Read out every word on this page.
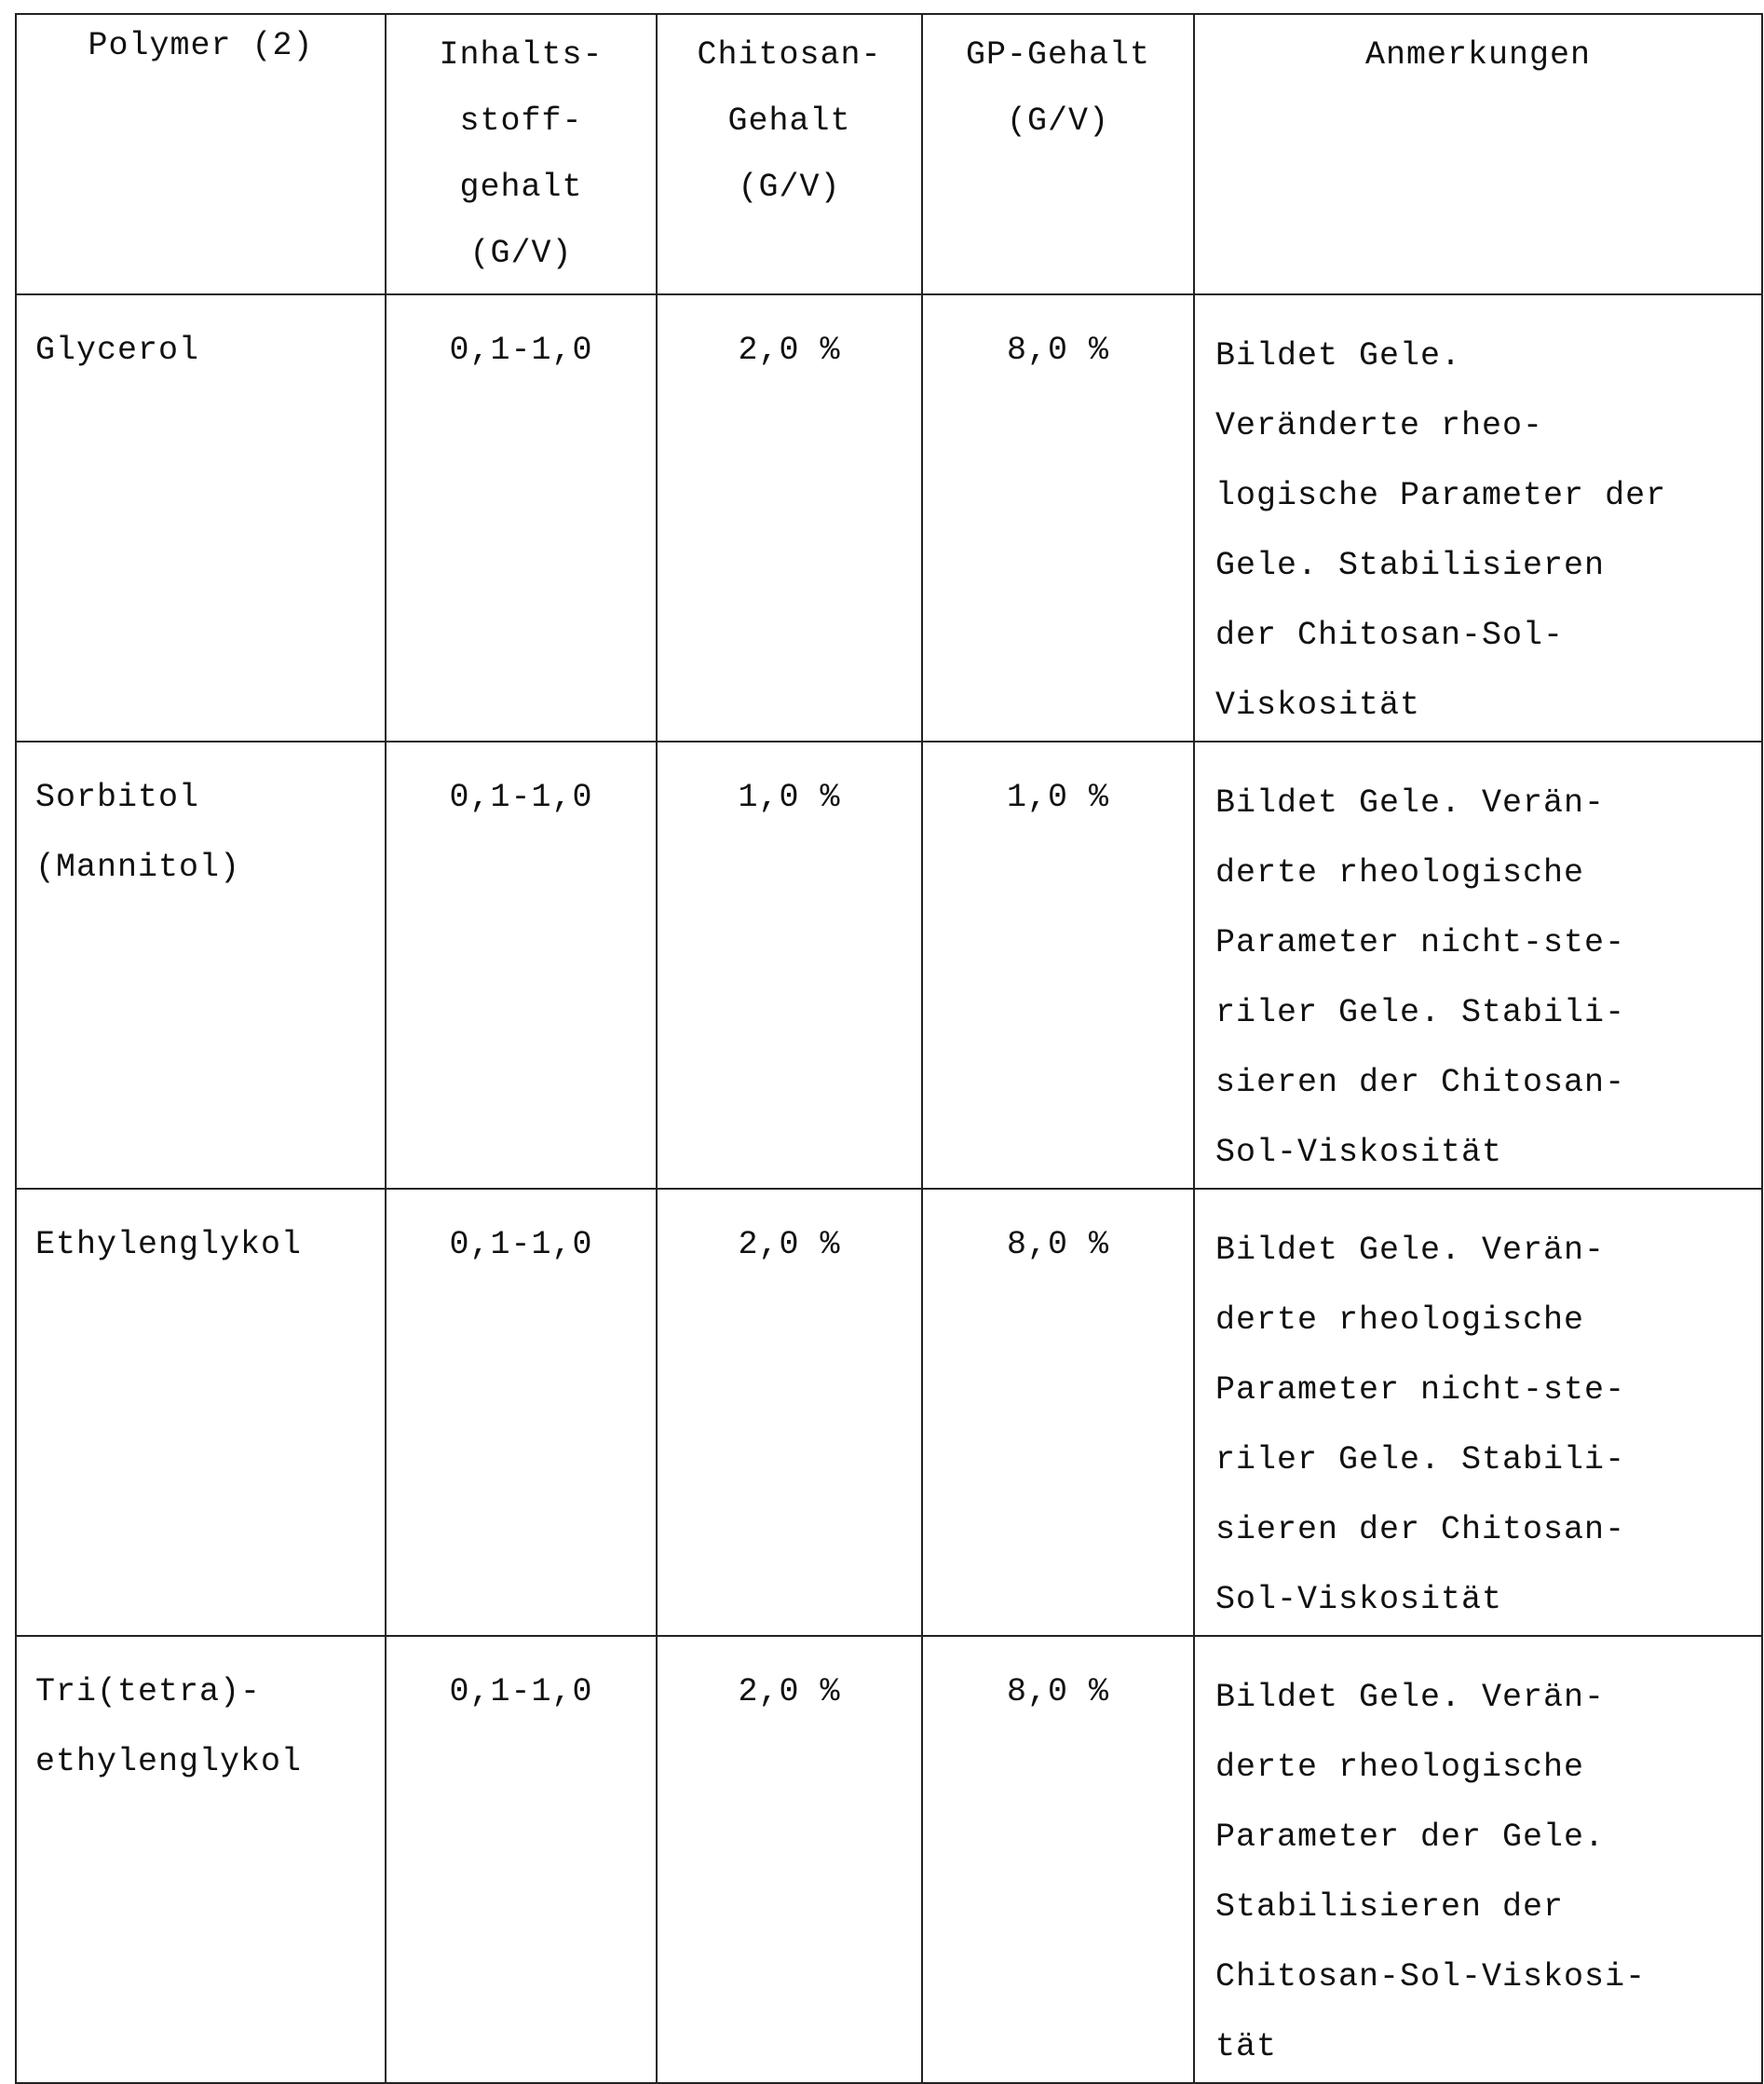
Polymer (2)	Inhalts-
stoff-
gehalt
(G/V)	Chitosan-
Gehalt
(G/V)	GP-Gehalt
(G/V)	Anmerkungen
Glycerol	0,1-1,0	2,0 %	8,0 %	Bildet Gele.
Veränderte rheo-
logische Parameter der
Gele. Stabilisieren
der Chitosan-Sol-
Viskosität
Sorbitol
(Mannitol)	0,1-1,0	1,0 %	1,0 %	Bildet Gele. Verän-
derte rheologische
Parameter nicht-ste-
riler Gele. Stabili-
sieren der Chitosan-
Sol-Viskosität
Ethylenglykol	0,1-1,0	2,0 %	8,0 %	Bildet Gele. Verän-
derte rheologische
Parameter nicht-ste-
riler Gele. Stabili-
sieren der Chitosan-
Sol-Viskosität
Tri(tetra)-
ethylenglykol	0,1-1,0	2,0 %	8,0 %	Bildet Gele. Verän-
derte rheologische
Parameter der Gele.
Stabilisieren der
Chitosan-Sol-Viskosi-
tät
